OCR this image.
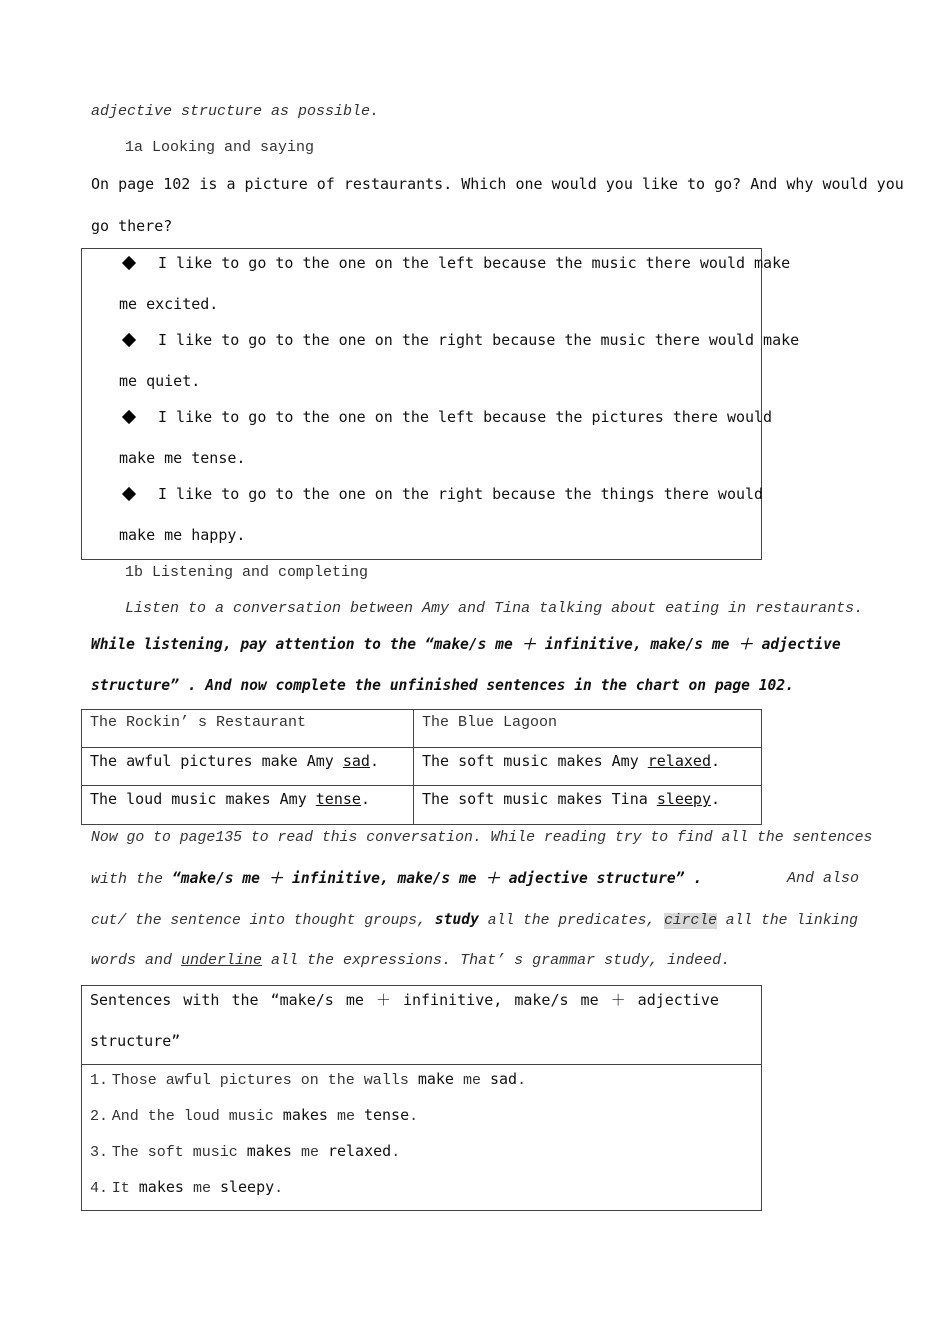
adjective structure as possible.
1a Looking and saying
On page 102 is a picture of restaurants. Which one would you like to go? And why would you
go there?
I like to go to the one on the left because the music there would make
me excited.
I like to go to the one on the right because the music there would make
me quiet.
I like to go to the one on the left because the pictures there would
make me tense.
I like to go to the one on the right because the things there would
make me happy.
1b Listening and completing
Listen to a conversation between Amy and Tina talking about eating in restaurants.
While listening, pay attention to the “make/s me ＋ infinitive, make/s me ＋ adjective
structure” . And now complete the unfinished sentences in the chart on page 102.
The Rockin’ s Restaurant	The Blue Lagoon
The awful pictures make Amy sad.	The soft music makes Amy relaxed.
The loud music makes Amy tense.	The soft music makes Tina sleepy.
Now go to page135 to read this conversation. While reading try to find all the sentences
with the “make/s me ＋ infinitive, make/s me ＋ adjective structure” .	And also
cut/ the sentence into thought groups, study all the predicates, circle all the linking
words and underline all the expressions. That’ s grammar study, indeed.
Sentences with the “make/s me ＋ infinitive, make/s me ＋ adjective
structure”
1. Those awful pictures on the walls make me sad.
2. And the loud music makes me tense.
3. The soft music makes me relaxed.
4. It makes me sleepy.
